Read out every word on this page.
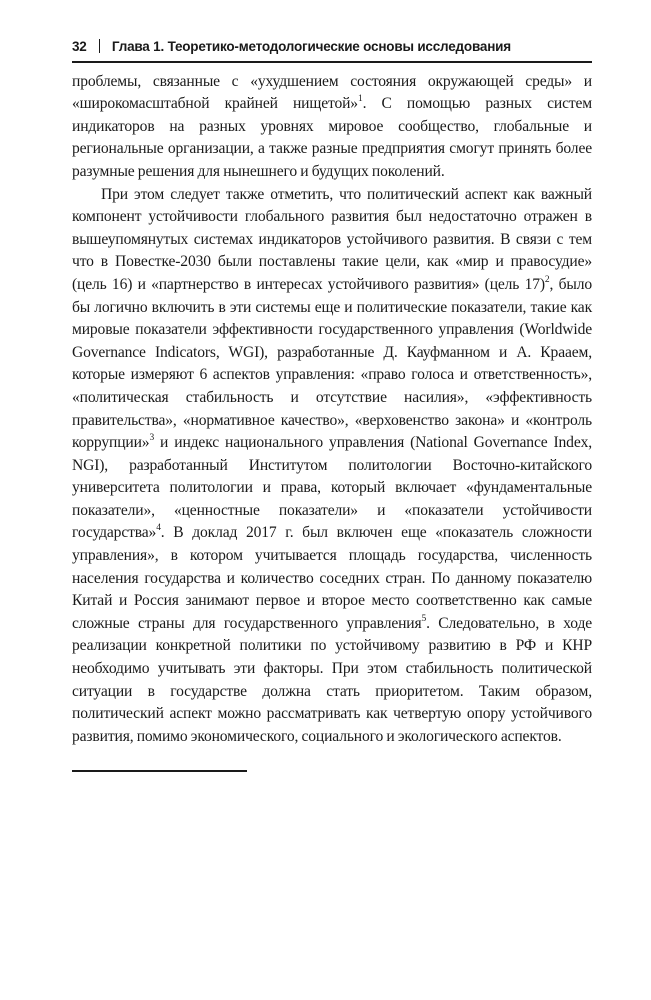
32 Глава 1. Теоретико-методологические основы исследования

проблемы, связанные с «ухудшением состояния окружающей среды» и «широкомасштабной крайней нищетой»$^1$. С помощью разных систем индикаторов на разных уровнях мировое сообщество, глобальные и региональные организации, а также разные предприятия смогут принять более разумные решения для нынешнего и будущих поколений.

При этом следует также отметить, что политический аспект как важный компонент устойчивости глобального развития был недостаточно отражен в вышеупомянутых системах индикаторов устойчивого развития. В связи с тем что в Повестке-2030 были поставлены такие цели, как «мир и правосудие» (цель 16) и «партнерство в интересах устойчивого развития» (цель 17)$^2$, было бы логично включить в эти системы еще и политические показатели, такие как мировые показатели эффективности государственного управления (Worldwide Governance Indicators, WGI), разработанные Д. Кауфманном и А. Крааем, которые измеряют 6 аспектов управления: «право голоса и ответственность», «политическая стабильность и отсутствие насилия», «эффективность правительства», «нормативное качество», «верховенство закона» и «контроль коррупции»$^3$ и индекс национального управления (National Governance Index, NGI), разработанный Институтом политологии Восточно-китайского университета политологии и права, который включает «фундаментальные показатели», «ценностные показатели» и «показатели устойчивости государства»$^4$. В доклад 2017 г. был включен еще «показатель сложности управления», в котором учитывается площадь государства, численность населения государства и количество соседних стран. По данному показателю Китай и Россия занимают первое и второе место соответственно как самые сложные страны для государственного управления$^5$. Следовательно, в ходе реализации конкретной политики по устойчивому развитию в РФ и КНР необходимо учитывать эти факторы. При этом стабильность политической ситуации в государстве должна стать приоритетом. Таким образом, политический аспект можно рассматривать как четвертую опору устойчивого развития, помимо экономического, социального и экологического аспектов.
